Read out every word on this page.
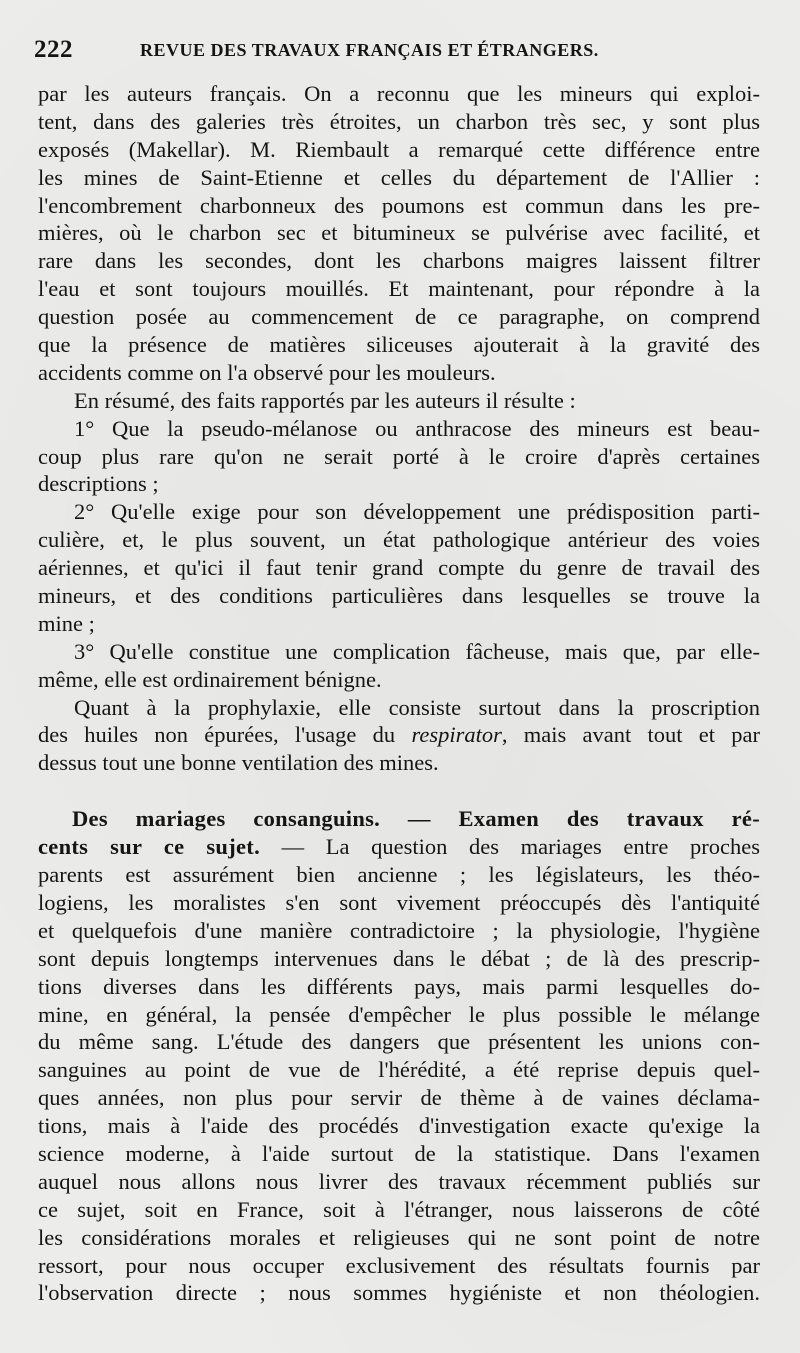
222	REVUE DES TRAVAUX FRANÇAIS ET ÉTRANGERS.
par les auteurs français. On a reconnu que les mineurs qui exploi-
tent, dans des galeries très étroites, un charbon très sec, y sont plus
exposés (Makellar). M. Riembault a remarqué cette différence entre
les mines de Saint-Etienne et celles du département de l'Allier :
l'encombrement charbonneux des poumons est commun dans les pre-
mières, où le charbon sec et bitumineux se pulvérise avec facilité, et
rare dans les secondes, dont les charbons maigres laissent filtrer
l'eau et sont toujours mouillés. Et maintenant, pour répondre à la
question posée au commencement de ce paragraphe, on comprend
que la présence de matières siliceuses ajouterait à la gravité des
accidents comme on l'a observé pour les mouleurs.
En résumé, des faits rapportés par les auteurs il résulte :
1° Que la pseudo-mélanose ou anthracose des mineurs est beau-
coup plus rare qu'on ne serait porté à le croire d'après certaines
descriptions ;
2° Qu'elle exige pour son développement une prédisposition parti-
culière, et, le plus souvent, un état pathologique antérieur des voies
aériennes, et qu'ici il faut tenir grand compte du genre de travail des
mineurs, et des conditions particulières dans lesquelles se trouve la
mine ;
3° Qu'elle constitue une complication fâcheuse, mais que, par elle-
même, elle est ordinairement bénigne.
Quant à la prophylaxie, elle consiste surtout dans la proscription
des huiles non épurées, l'usage du respirator, mais avant tout et par
dessus tout une bonne ventilation des mines.
Des mariages consanguins. — Examen des travaux ré-
cents sur ce sujet. — La question des mariages entre proches
parents est assurément bien ancienne ; les législateurs, les théo-
logiens, les moralistes s'en sont vivement préoccupés dès l'antiquité
et quelquefois d'une manière contradictoire ; la physiologie, l'hygiène
sont depuis longtemps intervenues dans le débat ; de là des prescrip-
tions diverses dans les différents pays, mais parmi lesquelles do-
mine, en général, la pensée d'empêcher le plus possible le mélange
du même sang. L'étude des dangers que présentent les unions con-
sanguines au point de vue de l'hérédité, a été reprise depuis quel-
ques années, non plus pour servir de thème à de vaines déclama-
tions, mais à l'aide des procédés d'investigation exacte qu'exige la
science moderne, à l'aide surtout de la statistique. Dans l'examen
auquel nous allons nous livrer des travaux récemment publiés sur
ce sujet, soit en France, soit à l'étranger, nous laisserons de côté
les considérations morales et religieuses qui ne sont point de notre
ressort, pour nous occuper exclusivement des résultats fournis par
l'observation directe ; nous sommes hygiéniste et non théologien.
